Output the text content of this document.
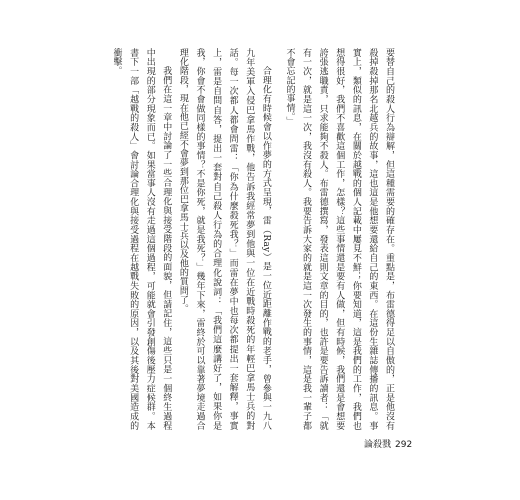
要替自己的殺人行為辯解，但這種需要的確存在。重點是，布雷德得足以自傲的，正是他沒有殺掉殺掉那名北越兵的故事，這也這是他想要還給自己的東西。在這份生雜誌傳播的訊息。事實上，類似的訊息，在關於越戰的個人記載中屢見不鮮；你要知道，這是我們的工作，我們也想得很好，我們不喜歡這個工作，怎樣？這些事情還是要有人做，但有時候，我們還是會想要誇張逃職責，只求能夠不殺人。布雷德撰寫，發表這則文章的目的，也許是要告訴讀者：「就有一次，就是這一次，我沒有殺人。我要告訴大家的就是這一次發生的事情，這是我一輩子都不會忘記的事情。」

合理化有時候會以作夢的方式呈現，雷（Ray）是一位近距離作戰的老手，曾參與一九八九年美軍入侵巴拿馬作戰，他告訴我經常夢到他與一位在近戰時殺死的年輕巴拿馬士兵的對話。每一次都人都會問雷：「你為什麼殺死我？」而雷在夢中也每次都提出一套解釋，事實上，雷是自問自答，提出一套對自己殺人行為的合理化說詞：「我們這麼講好了，如果你是我，你會不會做同樣的事情？不是你死，就是我死？」幾年下來，雷終於可以靠著夢境走過合理化階段，現在他已經不會夢到那位巴拿馬士兵以及他的質問了。

我們在這一章中討論了一些合理化與接受階段的面貌，但請記住，這些只是一個終生過程中出現的部分現象而已。如果當事人沒有走過這個過程，可能就會引發創傷後壓力症候群。本書下一部「越戰的殺人」會討論合理化與接受過程在越戰失敗的原因，以及其後對美國造成的衝擊。

論殺戮 292
